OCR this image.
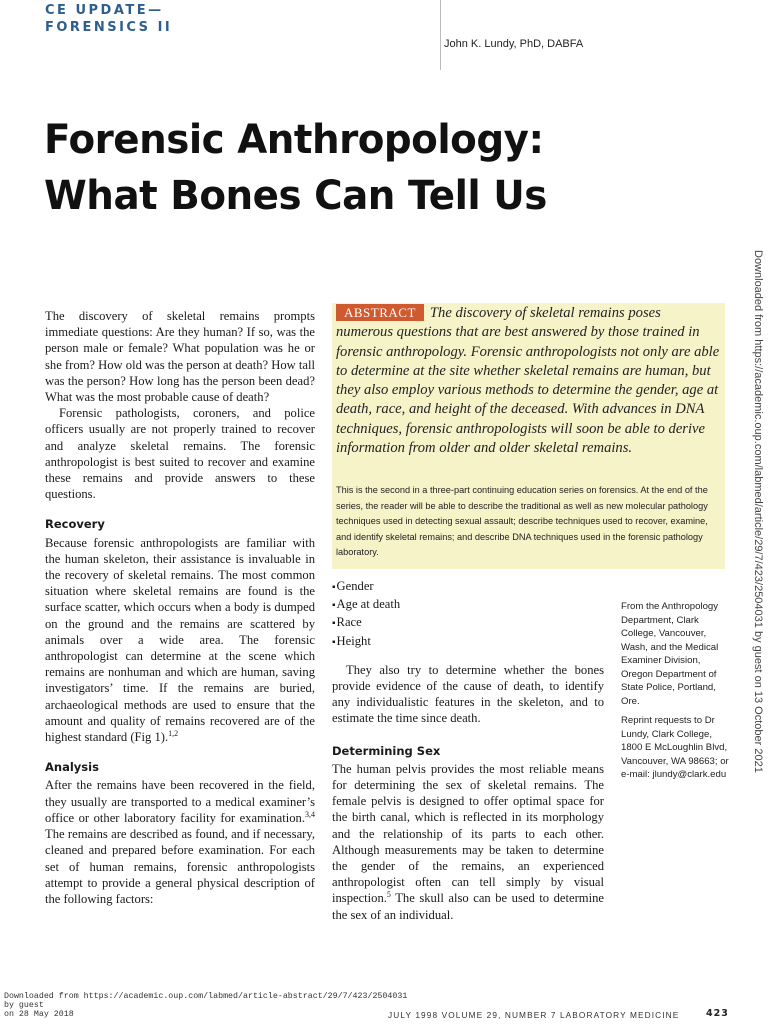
CE UPDATE—
FORENSICS II
John K. Lundy, PhD, DABFA
Forensic Anthropology:
What Bones Can Tell Us

The discovery of skeletal remains prompts immediate questions: Are they human? If so, was the person male or female? What population was he or she from? How old was the person at death? How tall was the person? How long has the person been dead? What was the most probable cause of death?

Forensic pathologists, coroners, and police officers usually are not properly trained to recover and analyze skeletal remains. The forensic anthropologist is best suited to recover and examine these remains and provide answers to these questions.

Recovery

Because forensic anthropologists are familiar with the human skeleton, their assistance is invaluable in the recovery of skeletal remains. The most common situation where skeletal remains are found is the surface scatter, which occurs when a body is dumped on the ground and the remains are scattered by animals over a wide area. The forensic anthropologist can determine at the scene which remains are nonhuman and which are human, saving investigators’ time. If the remains are buried, archaeological methods are used to ensure that the amount and quality of remains recovered are of the highest standard (Fig 1).$^{1,2}$

Analysis

After the remains have been recovered in the field, they usually are transported to a medical examiner’s office or other laboratory facility for examination.$^{3,4}$ The remains are described as found, and if necessary, cleaned and prepared before examination. For each set of human remains, forensic anthropologists attempt to provide a general physical description of the following factors:

ABSTRACT The discovery of skeletal remains poses numerous questions that are best answered by those trained in forensic anthropology. Forensic anthropologists not only are able to determine at the site whether skeletal remains are human, but they also employ various methods to determine the gender, age at death, race, and height of the deceased. With advances in DNA techniques, forensic anthropologists will soon be able to derive information from older and older skeletal remains.
This is the second in a three-part continuing education series on forensics. At the end of the series, the reader will be able to describe the traditional as well as new molecular pathology techniques used in detecting sexual assault; describe techniques used to recover, examine, and identify skeletal remains; and describe DNA techniques used in the forensic pathology laboratory.
▪ Gender
▪ Age at death
▪ Race
▪ Height

They also try to determine whether the bones provide evidence of the cause of death, to identify any individualistic features in the skeleton, and to estimate the time since death.

Determining Sex

The human pelvis provides the most reliable means for determining the sex of skeletal remains. The female pelvis is designed to offer optimal space for the birth canal, which is reflected in its morphology and the relationship of its parts to each other. Although measurements may be taken to determine the gender of the remains, an experienced anthropologist often can tell simply by visual inspection.$^5$ The skull also can be used to determine the sex of an individual.

From the Anthropology Department, Clark College, Vancouver, Wash, and the Medical Examiner Division, Oregon Department of State Police, Portland, Ore.

Reprint requests to Dr Lundy, Clark College, 1800 E McLoughlin Blvd, Vancouver, WA 98663; or e-mail: jlundy@clark.edu

Downloaded from https://academic.oup.com/labmed/article/29/7/423/2504031 by guest on 13 October 2021
Downloaded from https://academic.oup.com/labmed/article-abstract/29/7/423/2504031
by guest
on 28 May 2018	JULY 1998 VOLUME 29, NUMBER 7 LABORATORY MEDICINE	423
